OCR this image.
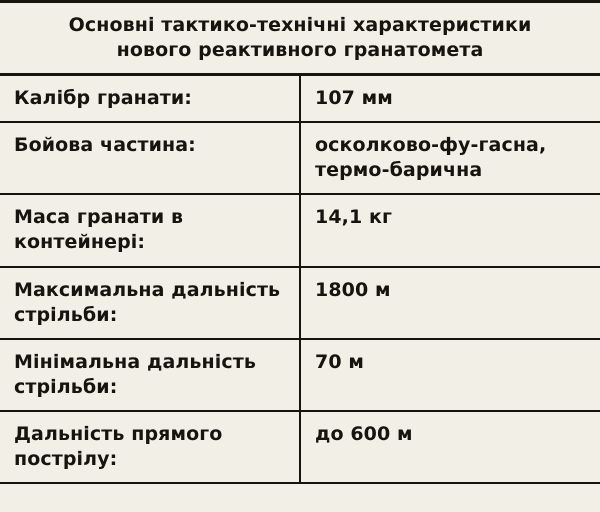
Основні тактико-технічні характеристики
нового реактивного гранатомета	

Калібр гранати:	107 мм
Бойова частина:	осколково-фу-гасна, термо-барична
Маса гранати в контейнері:	14,1 кг
Максимальна дальність стрільби:	1800 м
Мінімальна дальність стрільби:	70 м
Дальність прямого пострілу:	до 600 м
